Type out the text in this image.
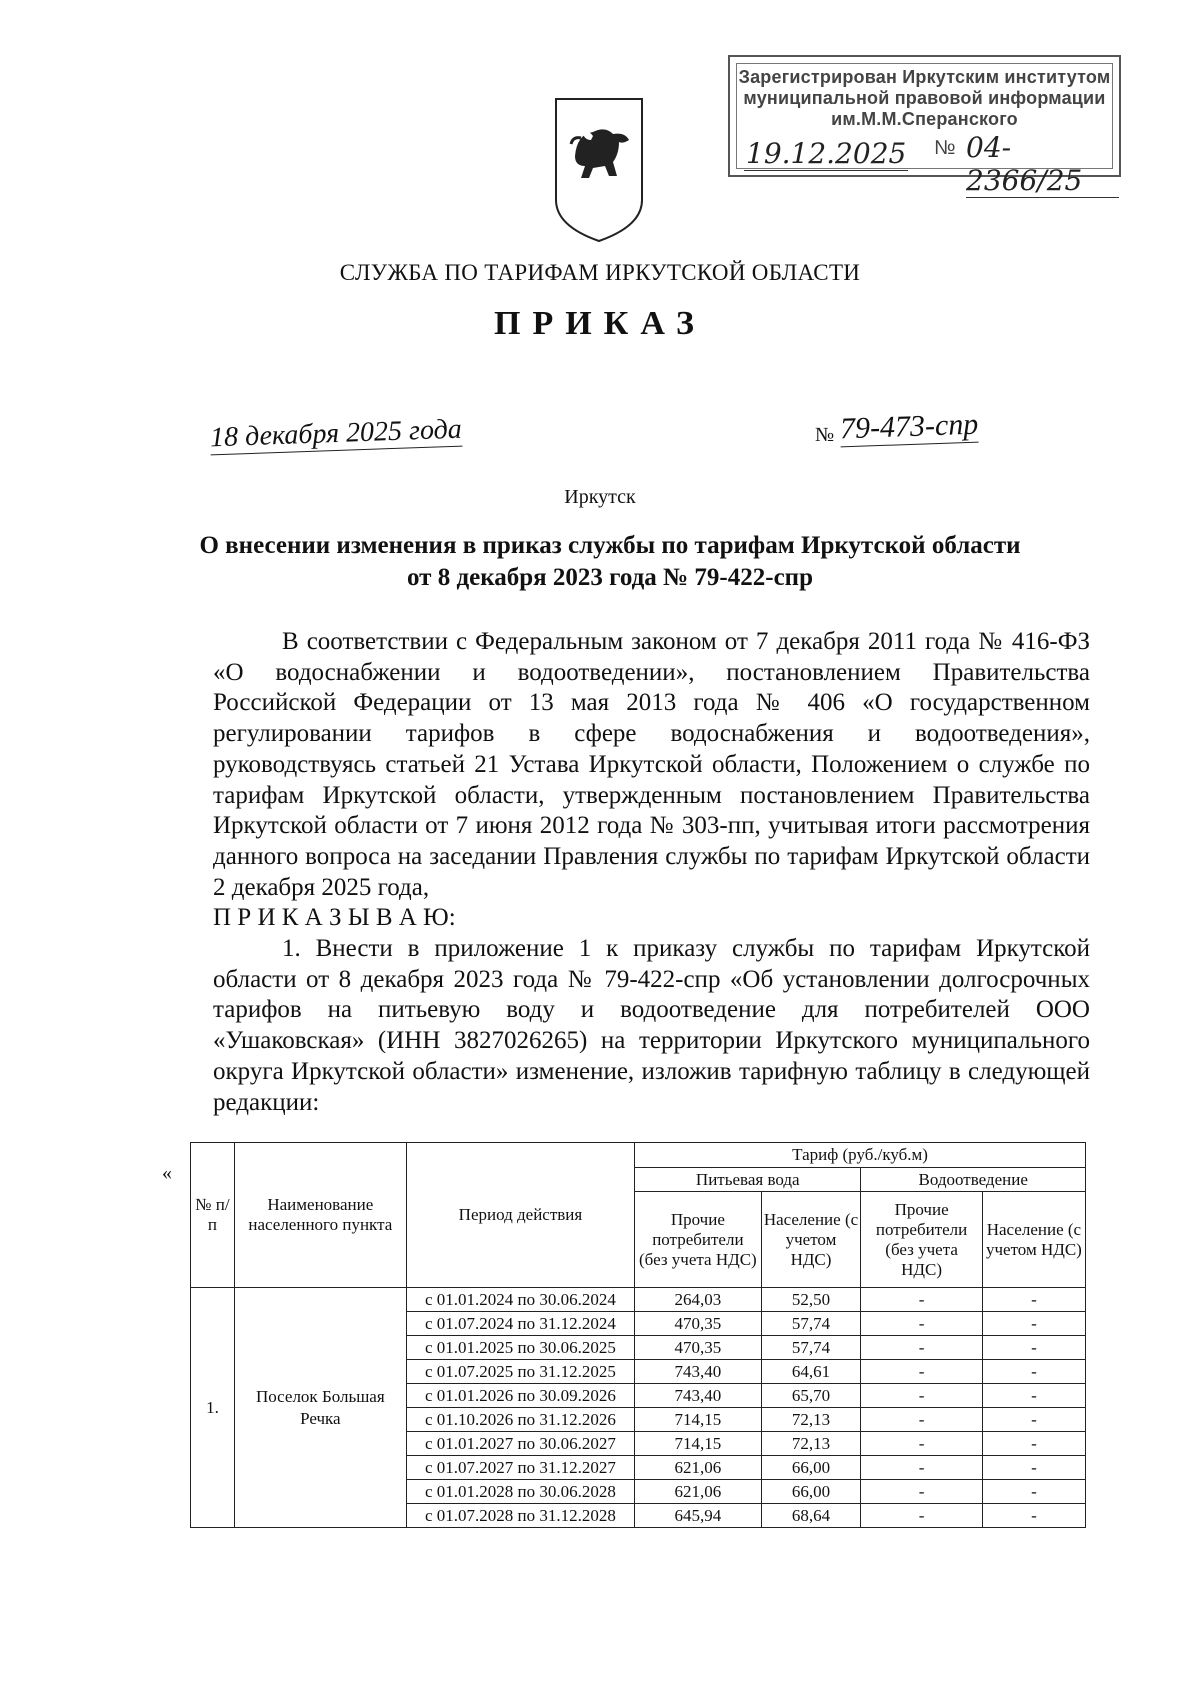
Зарегистрирован Иркутским институтом
муниципальной правовой информации
им.М.М.Сперанского
19.12.2025 № 04-2366/25
СЛУЖБА ПО ТАРИФАМ ИРКУТСКОЙ ОБЛАСТИ
ПРИКАЗ
18 декабря 2025 года	№ 79-473-спр
Иркутск
О внесении изменения в приказ службы по тарифам Иркутской области
от 8 декабря 2023 года № 79-422-спр

В соответствии с Федеральным законом от 7 декабря 2011 года № 416-ФЗ «О водоснабжении и водоотведении», постановлением Правительства Российской Федерации от 13 мая 2013 года № 406 «О государственном регулировании тарифов в сфере водоснабжения и водоотведения», руководствуясь статьей 21 Устава Иркутской области, Положением о службе по тарифам Иркутской области, утвержденным постановлением Правительства Иркутской области от 7 июня 2012 года № 303-пп, учитывая итоги рассмотрения данного вопроса на заседании Правления службы по тарифам Иркутской области 2 декабря 2025 года,

П Р И К А З Ы В А Ю:

1. Внести в приложение 1 к приказу службы по тарифам Иркутской области от 8 декабря 2023 года № 79-422-спр «Об установлении долгосрочных тарифов на питьевую воду и водоотведение для потребителей ООО «Ушаковская» (ИНН 3827026265) на территории Иркутского муниципального округа Иркутской области» изменение, изложив тарифную таблицу в следующей редакции:

«
№ п/п	Наименование населенного пункта	Период действия	Тариф (руб./куб.м)			
			Питьевая вода		Водоотведение	
			Прочие потребители (без учета НДС)	Население (с учетом НДС)	Прочие потребители (без учета НДС)	Население (с учетом НДС)
1.	Поселок Большая Речка	с 01.01.2024 по 30.06.2024	264,03	52,50	-	-
		с 01.07.2024 по 31.12.2024	470,35	57,74	-	-
		с 01.01.2025 по 30.06.2025	470,35	57,74	-	-
		с 01.07.2025 по 31.12.2025	743,40	64,61	-	-
		с 01.01.2026 по 30.09.2026	743,40	65,70	-	-
		с 01.10.2026 по 31.12.2026	714,15	72,13	-	-
		с 01.01.2027 по 30.06.2027	714,15	72,13	-	-
		с 01.07.2027 по 31.12.2027	621,06	66,00	-	-
		с 01.01.2028 по 30.06.2028	621,06	66,00	-	-
		с 01.07.2028 по 31.12.2028	645,94	68,64	-	-
